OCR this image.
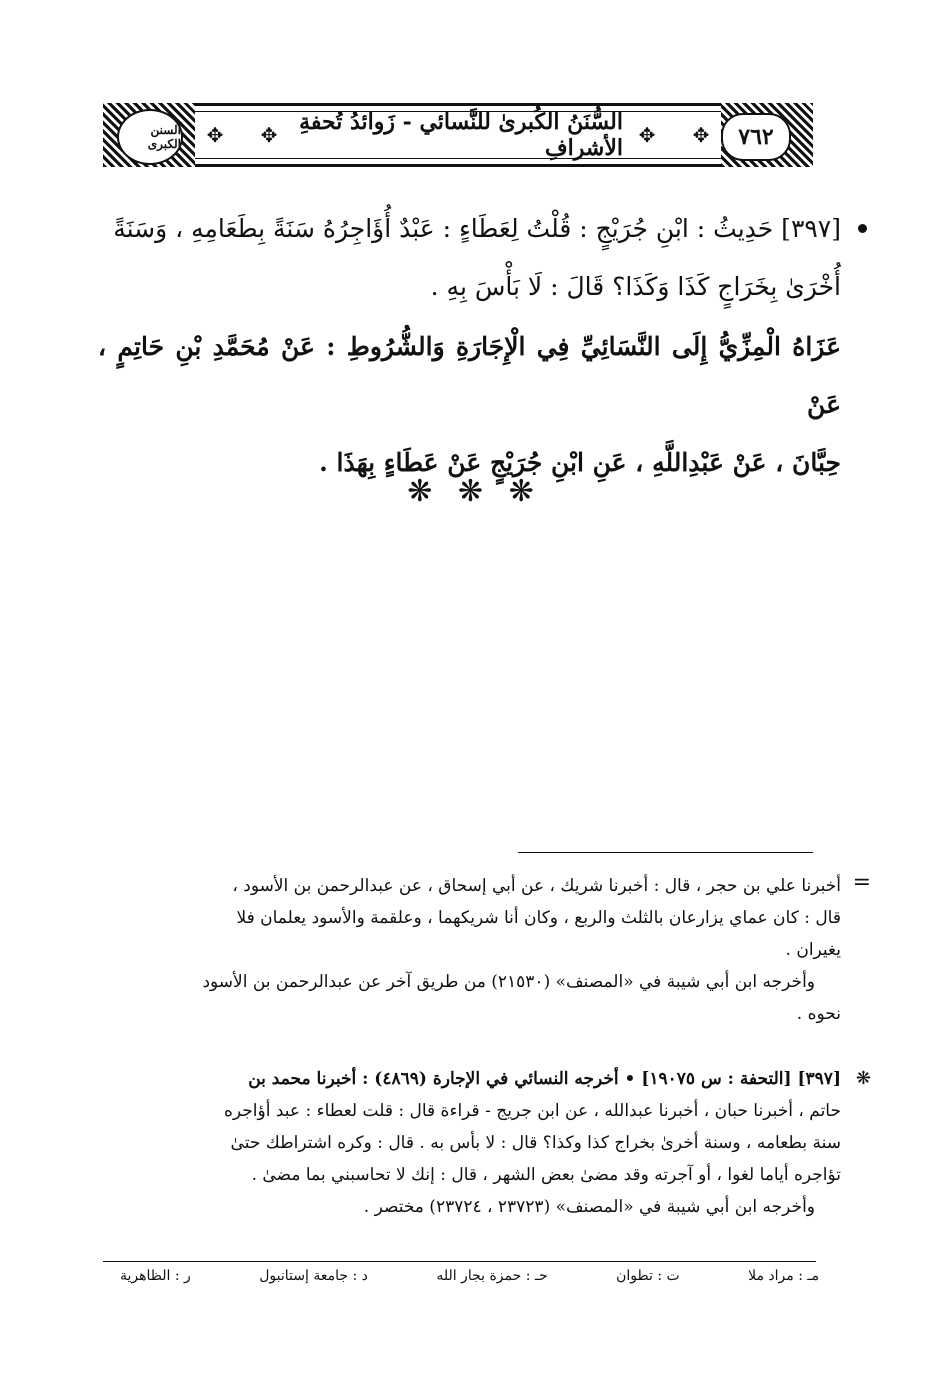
✥
✥
✥
✥	٧٦٢
السُّنَنُ الكُبرىٰ للنَّسائي - زَوائدُ تُحفةِ الأشرافِ
السنن الكبرى

[٣٩٧] حَدِيثُ : ابْنِ جُرَيْجٍ : قُلْتُ لِعَطَاءٍ : عَبْدٌ أُؤَاجِرُهُ سَنَةً بِطَعَامِهِ ، وَسَنَةً

أُخْرَىٰ بِخَرَاجٍ كَذَا وَكَذَا؟ قَالَ : لَا بَأْسَ بِهِ .

عَزَاهُ الْمِزِّيُّ إِلَى النَّسَائِيِّ فِي الْإِجَارَةِ وَالشُّرُوطِ : عَنْ مُحَمَّدِ بْنِ حَاتِمٍ ، عَنْ

حِبَّانَ ، عَنْ عَبْدِاللَّهِ ، عَنِ ابْنِ جُرَيْجٍ عَنْ عَطَاءٍ بِهَذَا .

❋ ❋ ❋
=

أخبرنا علي بن حجر ، قال : أخبرنا شريك ، عن أبي إسحاق ، عن عبدالرحمن بن الأسود ،

قال : كان عماي يزارعان بالثلث والربع ، وكان أنا شريكهما ، وعلقمة والأسود يعلمان فلا

يغيران .

وأخرجه ابن أبي شيبة في «المصنف» (٢١٥٣٠) من طريق آخر عن عبدالرحمن بن الأسود

نحوه .

❋

[٣٩٧] [التحفة : س ١٩٠٧٥] • أخرجه النسائي في الإجارة (٤٨٦٩) : أخبرنا محمد بن

حاتم ، أخبرنا حبان ، أخبرنا عبدالله ، عن ابن جريج - قراءة قال : قلت لعطاء : عبد أؤاجره

سنة بطعامه ، وسنة أخرىٰ بخراج كذا وكذا؟ قال : لا بأس به . قال : وكره اشتراطك حتىٰ

تؤاجره أياما لغوا ، أو آجرته وقد مضىٰ بعض الشهر ، قال : إنك لا تحاسبني بما مضىٰ .

وأخرجه ابن أبي شيبة في «المصنف» (٢٣٧٢٣ ، ٢٣٧٢٤) مختصر .

مـ : مراد ملا
ت : تطوان
حـ : حمزة بجار الله
د : جامعة إستانبول
ر : الظاهرية
